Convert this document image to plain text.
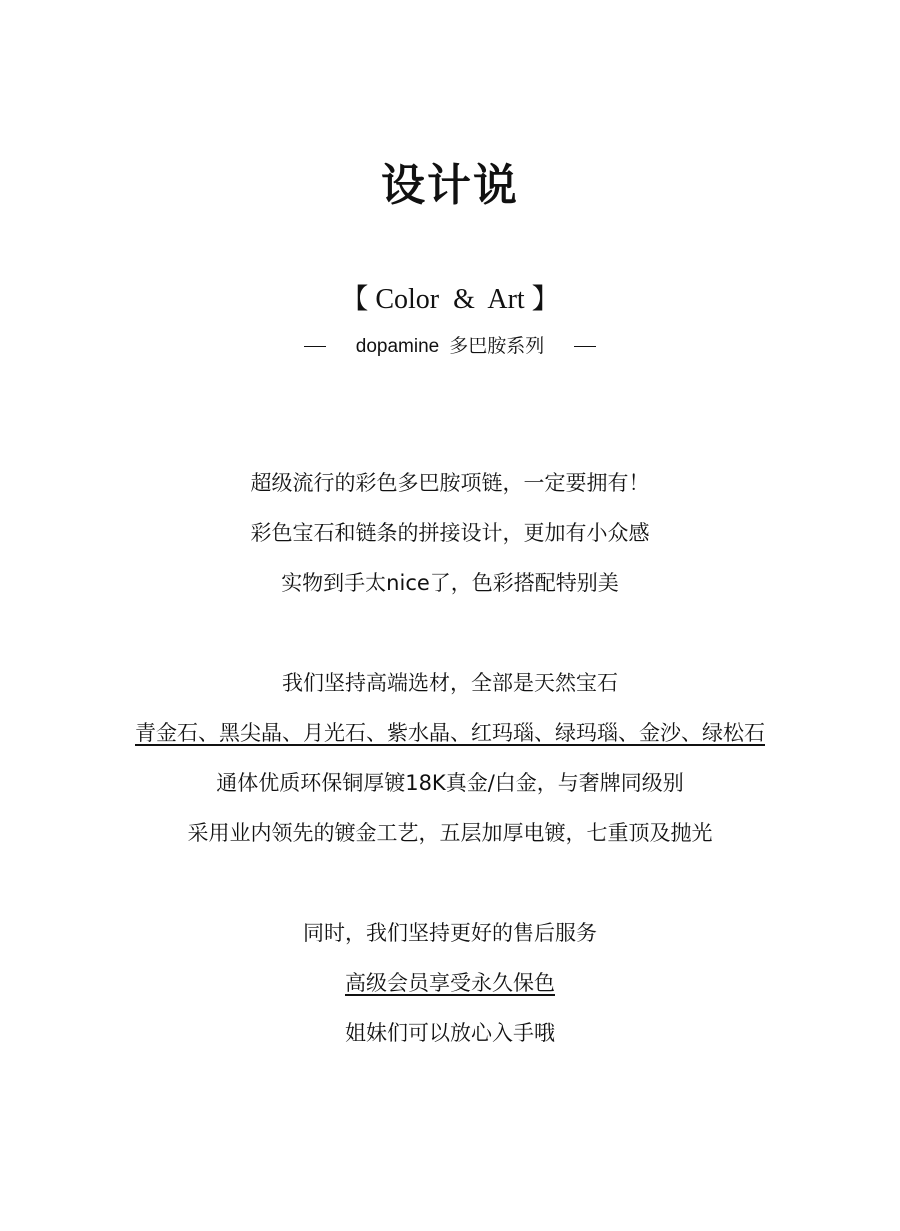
设计说
【 Color  &  Art 】
dopamine 多巴胺系列
超级流行的彩色多巴胺项链，一定要拥有！
彩色宝石和链条的拼接设计，更加有小众感
实物到手太nice了，色彩搭配特别美
我们坚持高端选材，全部是天然宝石
青金石、黑尖晶、月光石、紫水晶、红玛瑙、绿玛瑙、金沙、绿松石
通体优质环保铜厚镀18K真金/白金，与奢牌同级别
采用业内领先的镀金工艺，五层加厚电镀，七重顶及抛光
同时，我们坚持更好的售后服务
高级会员享受永久保色
姐妹们可以放心入手哦
